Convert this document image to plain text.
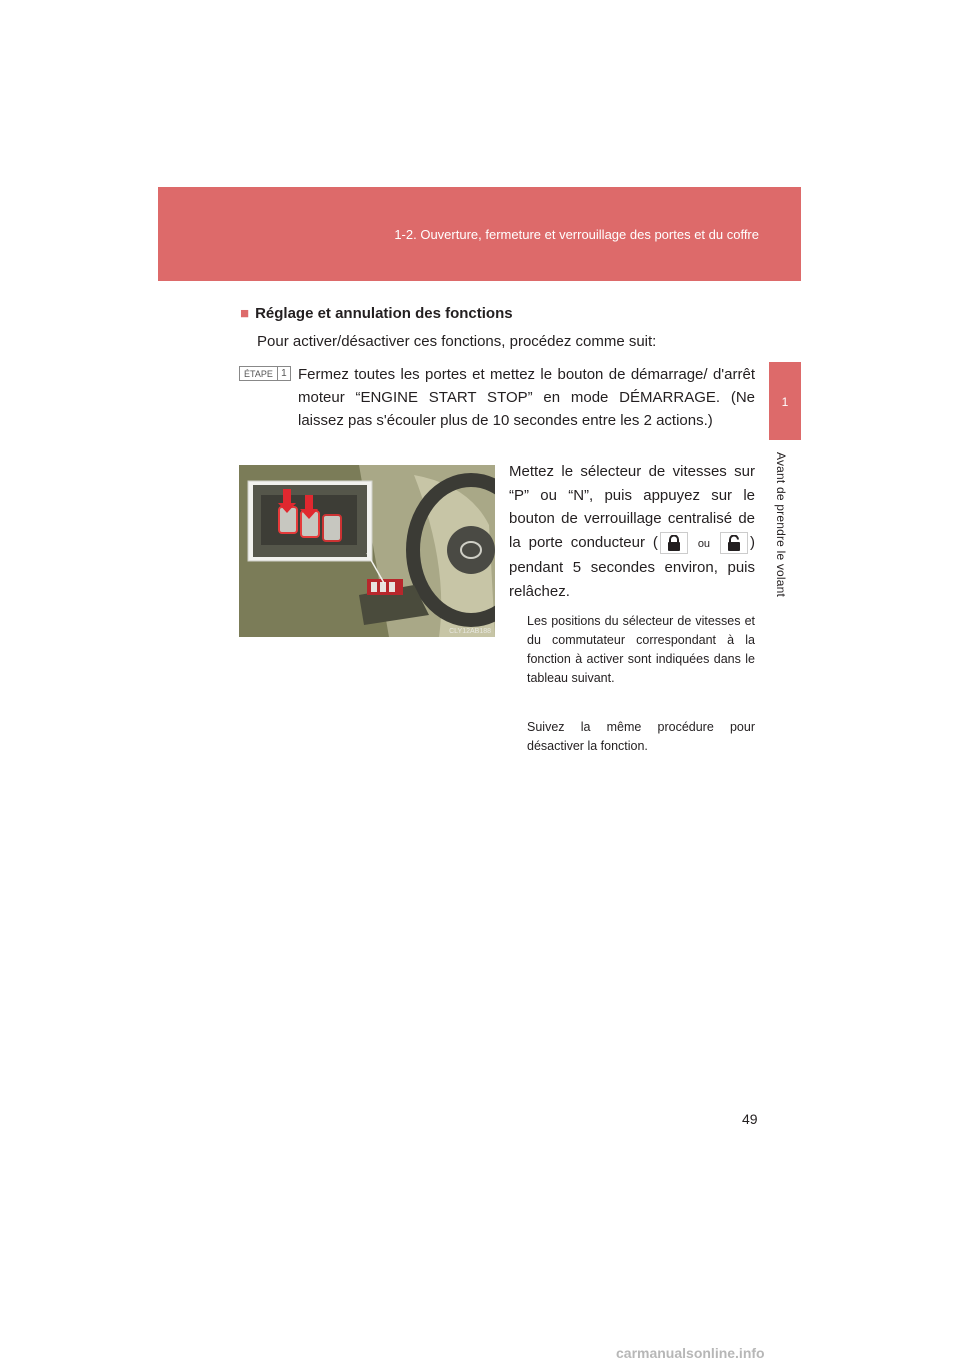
1-2. Ouverture, fermeture et verrouillage des portes et du coffre
1
Avant de prendre le volant
■ Réglage et annulation des fonctions
Pour activer/désactiver ces fonctions, procédez comme suit:
ÉTAPE 1 Fermez toutes les portes et mettez le bouton de démarrage/ d'arrêt moteur “ENGINE START STOP” en mode DÉMARRAGE. (Ne laissez pas s'écouler plus de 10 secondes entre les 2 actions.)
CLY12AB188
Mettez le sélecteur de vitesses sur “P” ou “N”, puis appuyez sur le bouton de verrouillage centralisé de la porte conducteur (	ou	) pendant 5 secondes environ, puis relâchez.
Les positions du sélecteur de vitesses et du commutateur correspondant à la fonction à activer sont indiquées dans le tableau suivant.
Suivez la même procédure pour désactiver la fonction.
49
carmanualsonline.info
